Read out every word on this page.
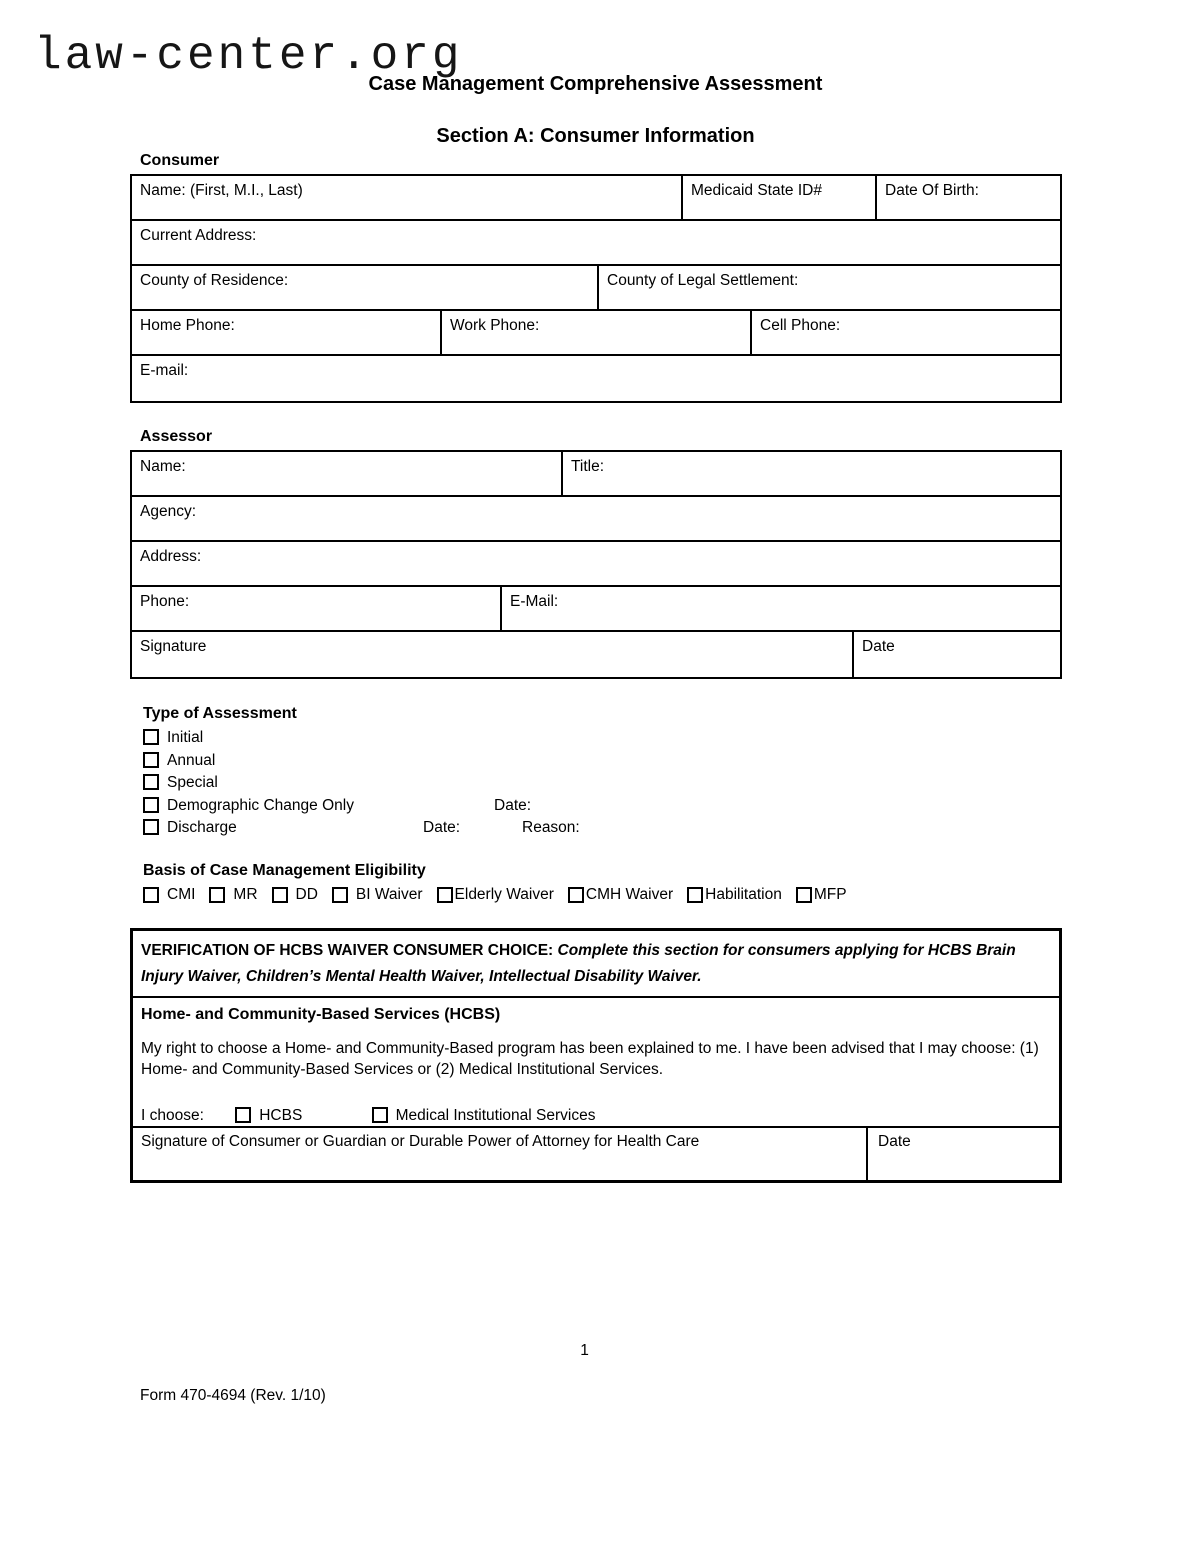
law-center.org
Case Management Comprehensive Assessment
Section A: Consumer Information
Consumer
Name: (First, M.I., Last)	Medicaid State ID#	Date Of Birth:
Current Address:
County of Residence:	County of Legal Settlement:
Home Phone:	Work Phone:	Cell Phone:
E-mail:
Assessor
Name:	Title:
Agency:
Address:
Phone:	E-Mail:
Signature	Date
Type of Assessment
Initial
Annual
Special
Demographic Change Only	Date:
Discharge	Date:	Reason:
Basis of Case Management Eligibility
CMI MR DD BI Waiver Elderly Waiver CMH Waiver Habilitation MFP
VERIFICATION OF HCBS WAIVER CONSUMER CHOICE: Complete this section for consumers applying for HCBS Brain Injury Waiver, Children’s Mental Health Waiver, Intellectual Disability Waiver.
Home- and Community-Based Services (HCBS)
My right to choose a Home- and Community-Based program has been explained to me. I have been advised that I may choose: (1) Home- and Community-Based Services or (2) Medical Institutional Services.
I choose:	HCBS	Medical Institutional Services
Signature of Consumer or Guardian or Durable Power of Attorney for Health Care	Date
1
Form 470-4694 (Rev. 1/10)
